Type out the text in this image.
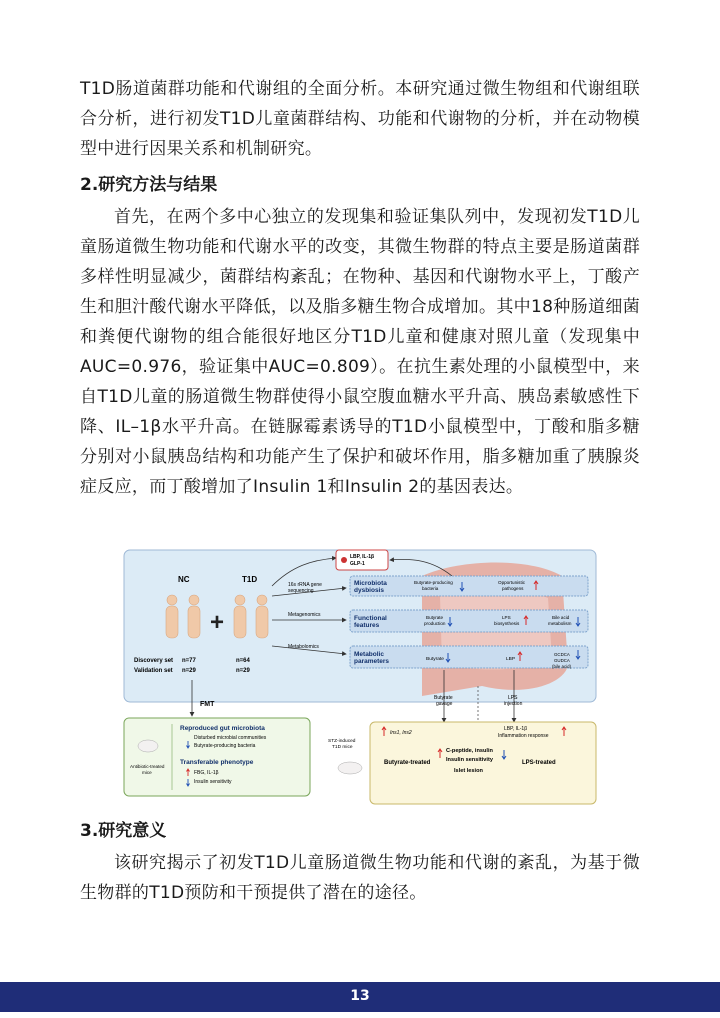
T1D肠道菌群功能和代谢组的全面分析。本研究通过微生物组和代谢组联合分析，进行初发T1D儿童菌群结构、功能和代谢物的分析，并在动物模型中进行因果关系和机制研究。

2.研究方法与结果

首先，在两个多中心独立的发现集和验证集队列中，发现初发T1D儿童肠道微生物功能和代谢水平的改变，其微生物群的特点主要是肠道菌群多样性明显减少，菌群结构紊乱；在物种、基因和代谢物水平上，丁酸产生和胆汁酸代谢水平降低，以及脂多糖生物合成增加。其中18种肠道细菌和粪便代谢物的组合能很好地区分T1D儿童和健康对照儿童（发现集中AUC=0.976，验证集中AUC=0.809）。在抗生素处理的小鼠模型中，来自T1D儿童的肠道微生物群使得小鼠空腹血糖水平升高、胰岛素敏感性下降、IL–1β水平升高。在链脲霉素诱导的T1D小鼠模型中，丁酸和脂多糖分别对小鼠胰岛结构和功能产生了保护和破坏作用，脂多糖加重了胰腺炎症反应，而丁酸增加了Insulin 1和Insulin 2的基因表达。

+
NC	T1D
Discovery set
Validation set
n=77
n=29
n=64
n=29
16s rRNA gene
sequencing
Metagenomics
Metabolomics
LBP, IL-1β
GLP-1
Microbiota
dysbiosis
Butyrate-producing
bacteria
Opportunistic
pathogens
Functional
features
Butyrate
production
LPS
biosynthesis
Bile acid
metabolism
Metabolic
parameters	Butyrate	LBP
GCDCA
GUDCA
(bile acid)
Butyrate
gavage
LPS
injection
FMT
Antibiotic-treated
mice
Reproduced gut microbiota
Disturbed microbial communities
Butyrate-producing bacteria
Transferable phenotype
FBG, IL-1β
Insulin sensitivity
STZ-induced
T1D mice
Ins1, Ins2
LBP, IL-1β
Inflammation response
C-peptide, insulin
Insulin sensitivity
Islet lesion
Butyrate-treated	LPS-treated
3.研究意义

该研究揭示了初发T1D儿童肠道微生物功能和代谢的紊乱，为基于微生物群的T1D预防和干预提供了潜在的途径。

13
